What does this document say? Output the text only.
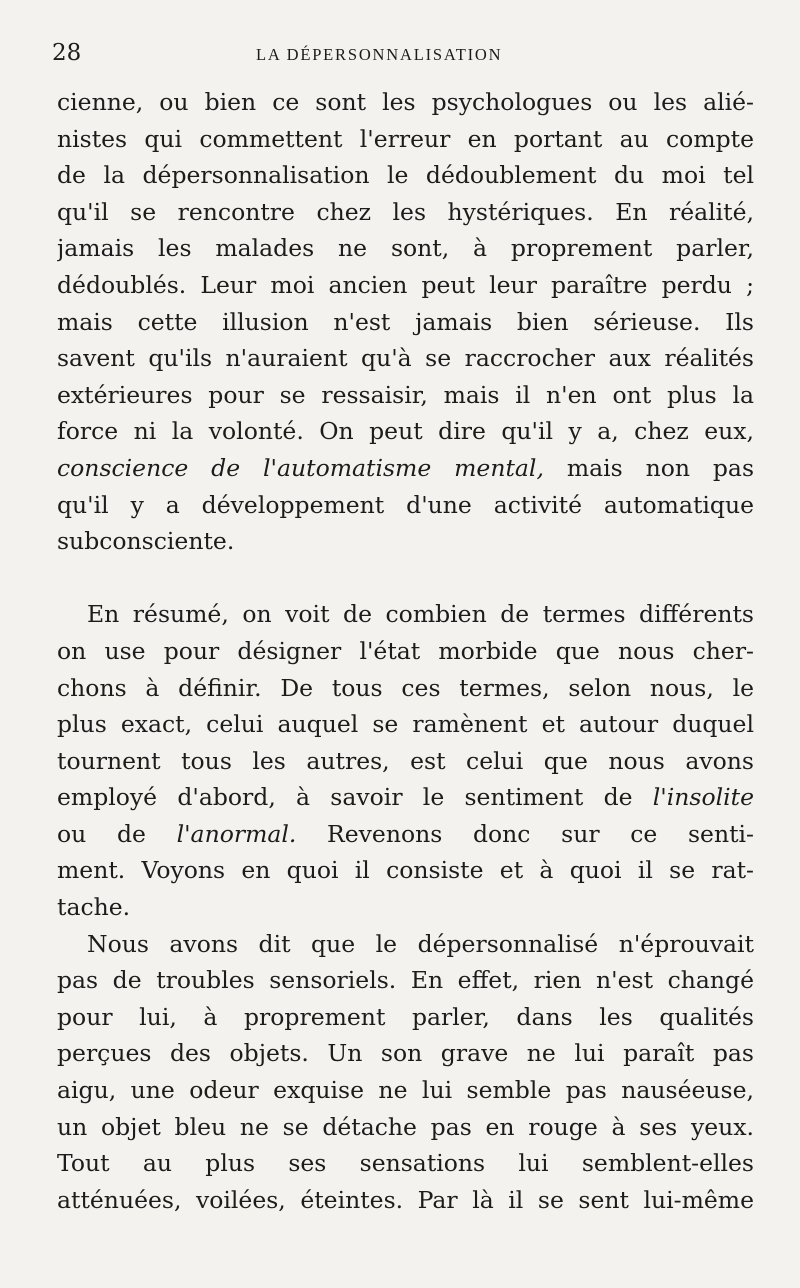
28	LA DÉPERSONNALISATION
cienne, ou bien ce sont les psychologues ou les alié-
nistes qui commettent l'erreur en portant au compte
de la dépersonnalisation le dédoublement du moi tel
qu'il se rencontre chez les hystériques. En réalité,
jamais les malades ne sont, à proprement parler,
dédoublés. Leur moi ancien peut leur paraître perdu ;
mais cette illusion n'est jamais bien sérieuse. Ils
savent qu'ils n'auraient qu'à se raccrocher aux réalités
extérieures pour se ressaisir, mais il n'en ont plus la
force ni la volonté. On peut dire qu'il y a, chez eux,
conscience de l'automatisme mental, mais non pas
qu'il y a développement d'une activité automatique
subconsciente.
En résumé, on voit de combien de termes différents
on use pour désigner l'état morbide que nous cher-
chons à définir. De tous ces termes, selon nous, le
plus exact, celui auquel se ramènent et autour duquel
tournent tous les autres, est celui que nous avons
employé d'abord, à savoir le sentiment de l'insolite
ou de l'anormal. Revenons donc sur ce senti-
ment. Voyons en quoi il consiste et à quoi il se rat-
tache.
Nous avons dit que le dépersonnalisé n'éprouvait
pas de troubles sensoriels. En effet, rien n'est changé
pour lui, à proprement parler, dans les qualités
perçues des objets. Un son grave ne lui paraît pas
aigu, une odeur exquise ne lui semble pas nauséeuse,
un objet bleu ne se détache pas en rouge à ses yeux.
Tout au plus ses sensations lui semblent-elles
atténuées, voilées, éteintes. Par là il se sent lui-même
